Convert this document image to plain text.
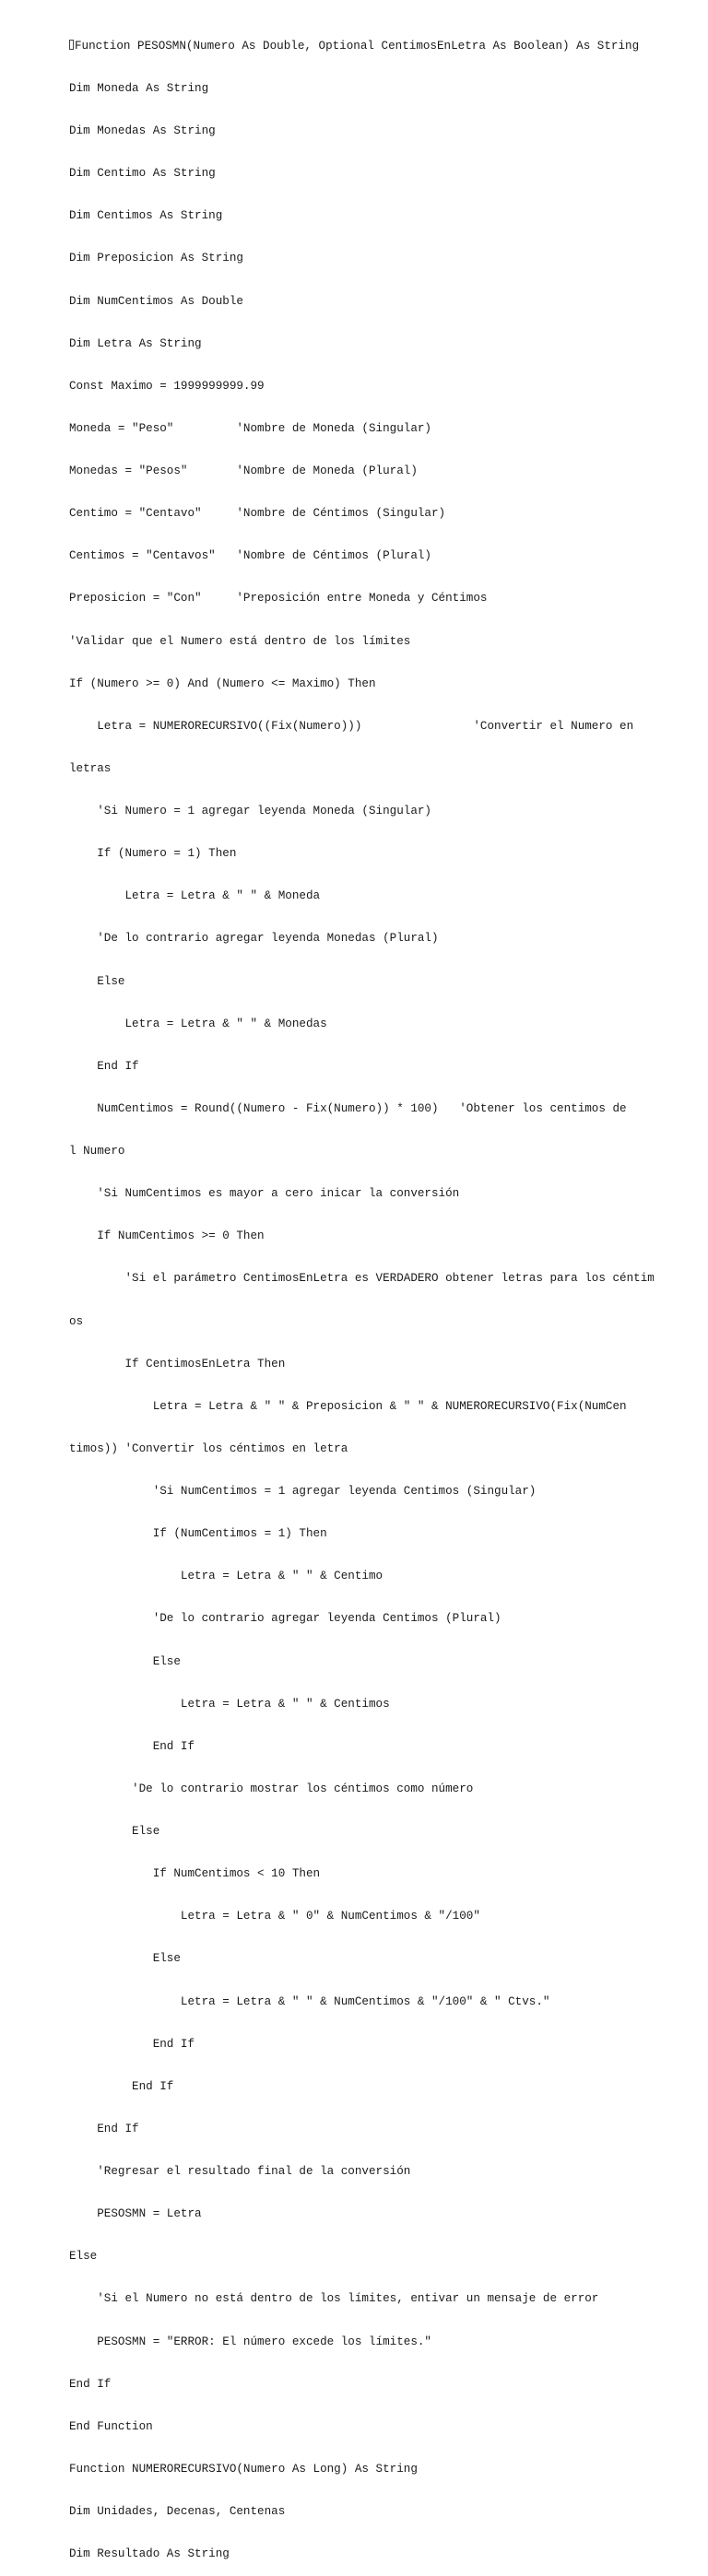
Function PESOSMN(Numero As Double, Optional CentimosEnLetra As Boolean) As String

Dim Moneda As String

Dim Monedas As String

Dim Centimo As String

Dim Centimos As String

Dim Preposicion As String

Dim NumCentimos As Double

Dim Letra As String

Const Maximo = 1999999999.99

Moneda = "Peso"         'Nombre de Moneda (Singular)

Monedas = "Pesos"       'Nombre de Moneda (Plural)

Centimo = "Centavo"     'Nombre de Céntimos (Singular)

Centimos = "Centavos"   'Nombre de Céntimos (Plural)

Preposicion = "Con"     'Preposición entre Moneda y Céntimos

'Validar que el Numero está dentro de los límites

If (Numero >= 0) And (Numero <= Maximo) Then

Letra = NUMERORECURSIVO((Fix(Numero)))                'Convertir el Numero en

letras

'Si Numero = 1 agregar leyenda Moneda (Singular)

If (Numero = 1) Then

Letra = Letra & " " & Moneda

'De lo contrario agregar leyenda Monedas (Plural)

Else

Letra = Letra & " " & Monedas

End If

NumCentimos = Round((Numero - Fix(Numero)) * 100)   'Obtener los centimos de

l Numero

'Si NumCentimos es mayor a cero inicar la conversión

If NumCentimos >= 0 Then

'Si el parámetro CentimosEnLetra es VERDADERO obtener letras para los céntim

os

If CentimosEnLetra Then

Letra = Letra & " " & Preposicion & " " & NUMERORECURSIVO(Fix(NumCen

timos)) 'Convertir los céntimos en letra

'Si NumCentimos = 1 agregar leyenda Centimos (Singular)

If (NumCentimos = 1) Then

Letra = Letra & " " & Centimo

'De lo contrario agregar leyenda Centimos (Plural)

Else

Letra = Letra & " " & Centimos

End If

'De lo contrario mostrar los céntimos como número

Else

If NumCentimos < 10 Then

Letra = Letra & " 0" & NumCentimos & "/100"

Else

Letra = Letra & " " & NumCentimos & "/100" & " Ctvs."

End If

End If

End If

'Regresar el resultado final de la conversión

PESOSMN = Letra

Else

'Si el Numero no está dentro de los límites, entivar un mensaje de error

PESOSMN = "ERROR: El número excede los límites."

End If

End Function

Function NUMERORECURSIVO(Numero As Long) As String

Dim Unidades, Decenas, Centenas

Dim Resultado As String
